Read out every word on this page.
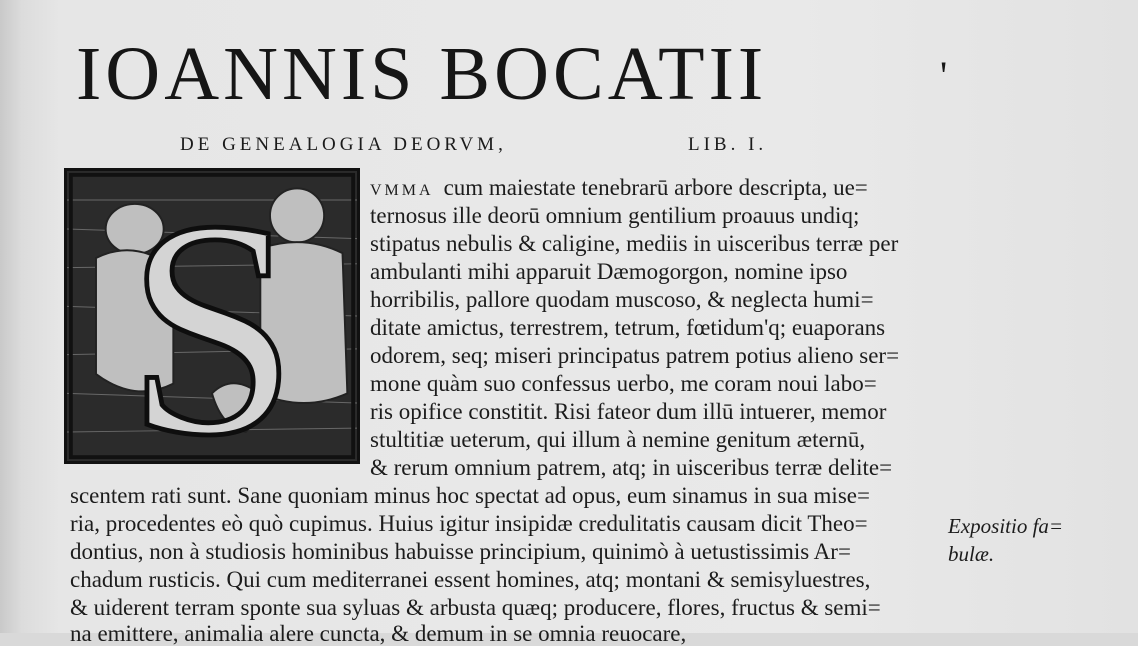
IOANNIS BOCATII	'
DE GENEALOGIA DEORVM,	LIB. I.
S	VMMA cum maiestate tenebrarū arbore descripta, ue=
ternosus ille deorū omnium gentilium proauus undiq;
stipatus nebulis & caligine, mediis in uisceribus terræ per
ambulanti mihi apparuit Dæmogorgon, nomine ipso
horribilis, pallore quodam muscoso, & neglecta humi=
ditate amictus, terrestrem, tetrum, fœtidum'q; euaporans
odorem, seq; miseri principatus patrem potius alieno ser=
mone quàm suo confessus uerbo, me coram noui labo=
ris opifice constitit. Risi fateor dum illū intuerer, memor
stultitiæ ueterum, qui illum à nemine genitum æternū,
& rerum omnium patrem, atq; in uisceribus terræ delite=
scentem rati sunt. Sane quoniam minus hoc spectat ad opus, eum sinamus in sua mise=
ria, procedentes eò quò cupimus. Huius igitur insipidæ credulitatis causam dicit Theo=
dontius, non à studiosis hominibus habuisse principium, quinimò à uetustissimis Ar=
chadum rusticis. Qui cum mediterranei essent homines, atq; montani & semisyluestres,
& uiderent terram sponte sua syluas & arbusta quæq; producere, flores, fructus & semi=
na emittere, animalia alere cuncta, & demum in se omnia reuocare,
Expositio fa=
bulæ.
